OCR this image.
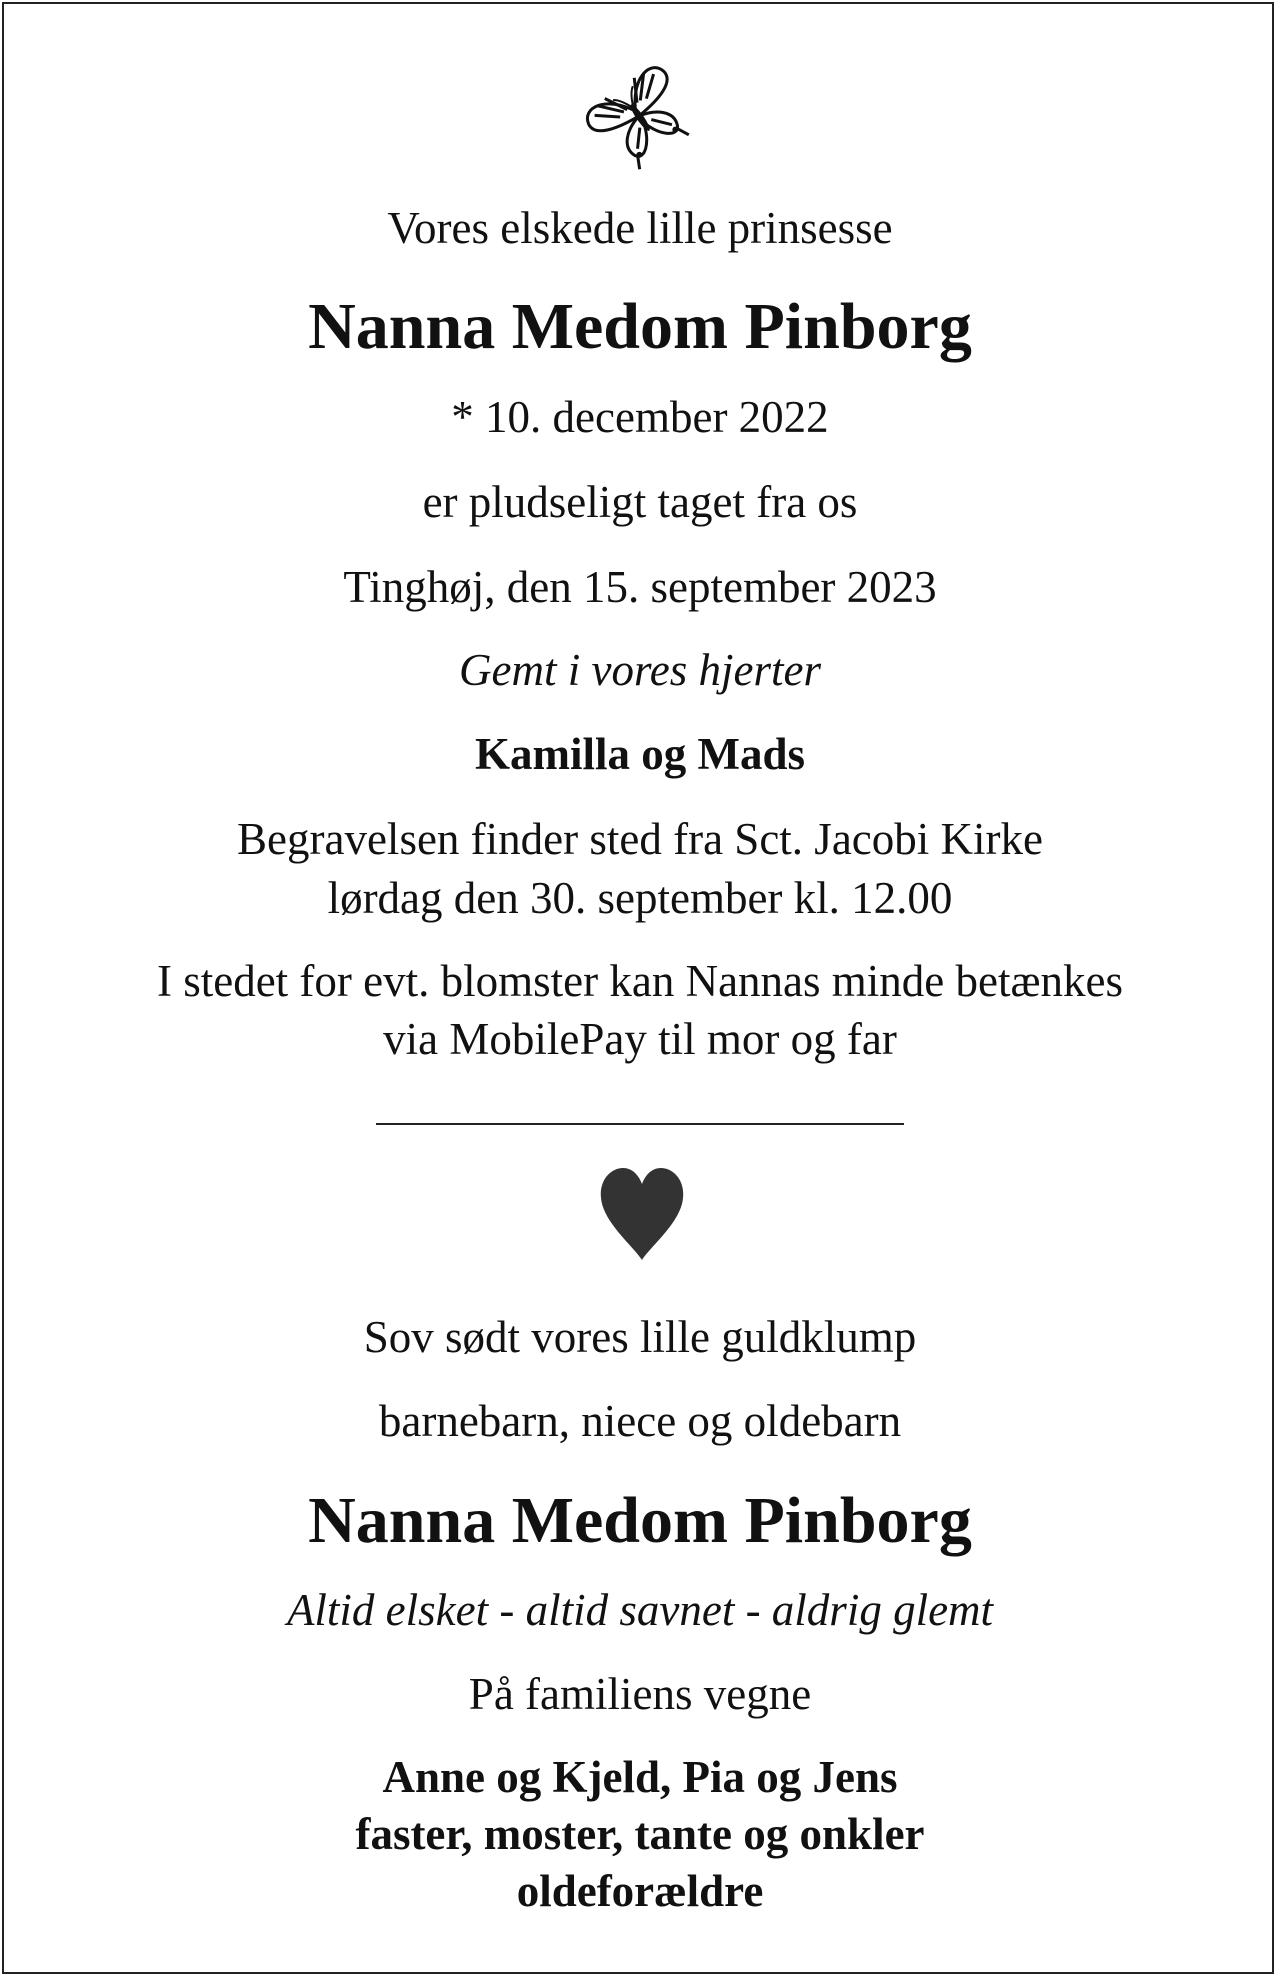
Vores elskede lille prinsesse
Nanna Medom Pinborg
* 10. december 2022
er pludseligt taget fra os
Tinghøj, den 15. september 2023
Gemt i vores hjerter
Kamilla og Mads
Begravelsen finder sted fra Sct. Jacobi Kirke
lørdag den 30. september kl. 12.00
I stedet for evt. blomster kan Nannas minde betænkes
via MobilePay til mor og far
Sov sødt vores lille guldklump
barnebarn, niece og oldebarn
Nanna Medom Pinborg
Altid elsket - altid savnet - aldrig glemt
På familiens vegne
Anne og Kjeld, Pia og Jens
faster, moster, tante og onkler
oldeforældre
